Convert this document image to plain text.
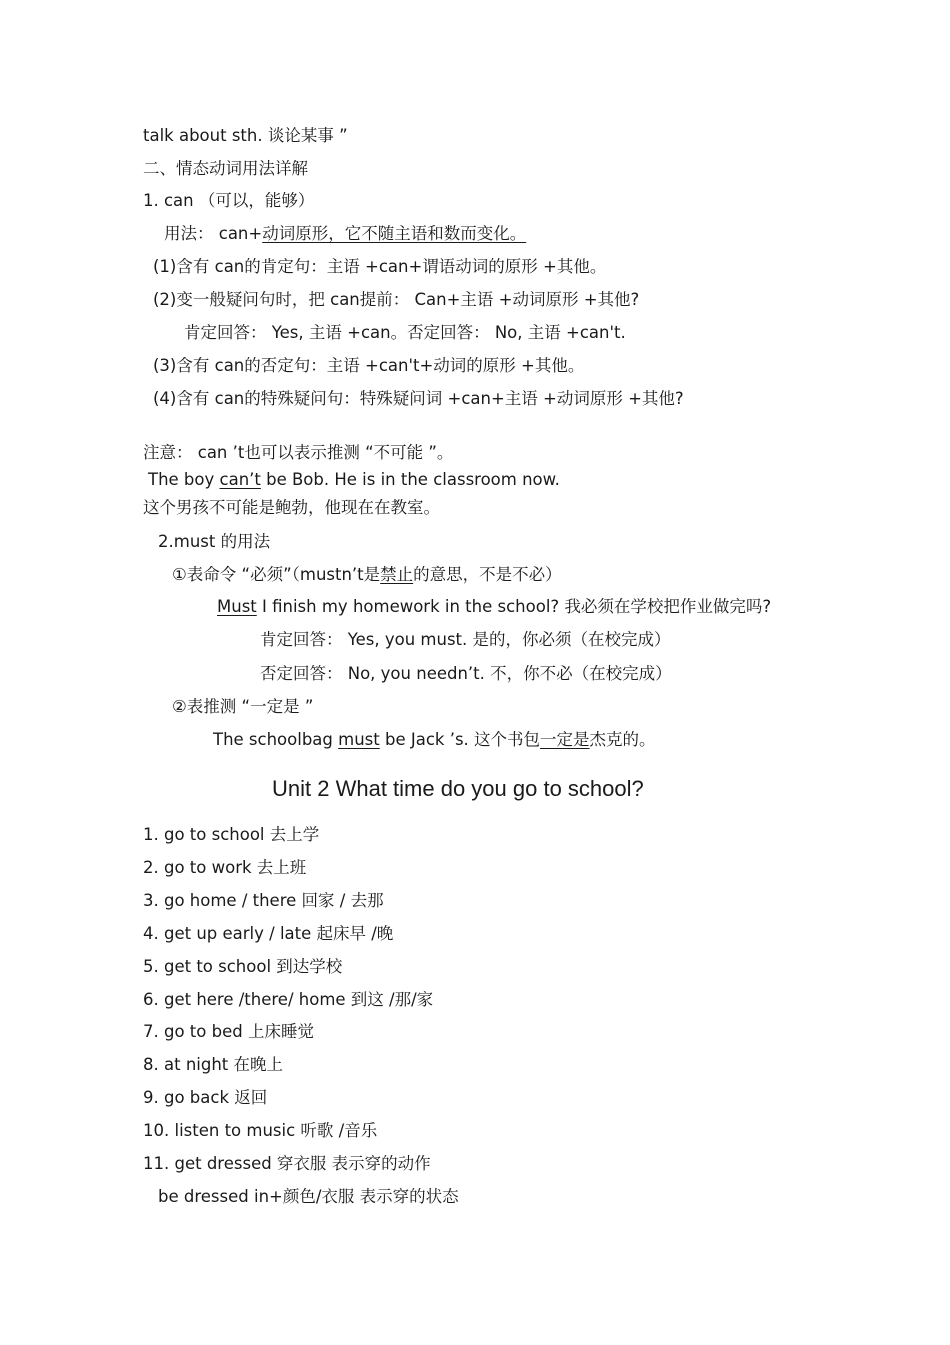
talk about sth. 谈论某事 ”
二、情态动词用法详解
1. can （可以，能够）
用法： can+动词原形，它不随主语和数而变化。
(1)含有 can的肯定句：主语 +can+谓语动词的原形 +其他。
(2)变一般疑问句时，把 can提前： Can+主语 +动词原形 +其他?
肯定回答： Yes, 主语 +can。否定回答： No, 主语 +can't.
(3)含有 can的否定句：主语 +can't+动词的原形 +其他。
(4)含有 can的特殊疑问句：特殊疑问词 +can+主语 +动词原形 +其他?
注意： can ’t也可以表示推测 “不可能 ”。
The boy can’t be Bob. He is in the classroom now.
这个男孩不可能是鲍勃，他现在在教室。
2.must 的用法
①表命令 “必须”（mustn’t是禁止的意思，不是不必）
Must I finish my homework in the school? 我必须在学校把作业做完吗?
肯定回答： Yes, you must. 是的，你必须（在校完成）
否定回答： No, you needn’t. 不，你不必（在校完成）
②表推测 “一定是 ”
The schoolbag must be Jack ’s. 这个书包一定是杰克的。
Unit 2 What time do you go to school?
1. go to school 去上学
2. go to work 去上班
3. go home / there 回家 / 去那
4. get up early / late 起床早 /晚
5. get to school 到达学校
6. get here /there/ home 到这 /那/家
7. go to bed 上床睡觉
8. at night 在晚上
9. go back 返回
10. listen to music 听歌 /音乐
11. get dressed 穿衣服 表示穿的动作
be dressed in+颜色/衣服 表示穿的状态
